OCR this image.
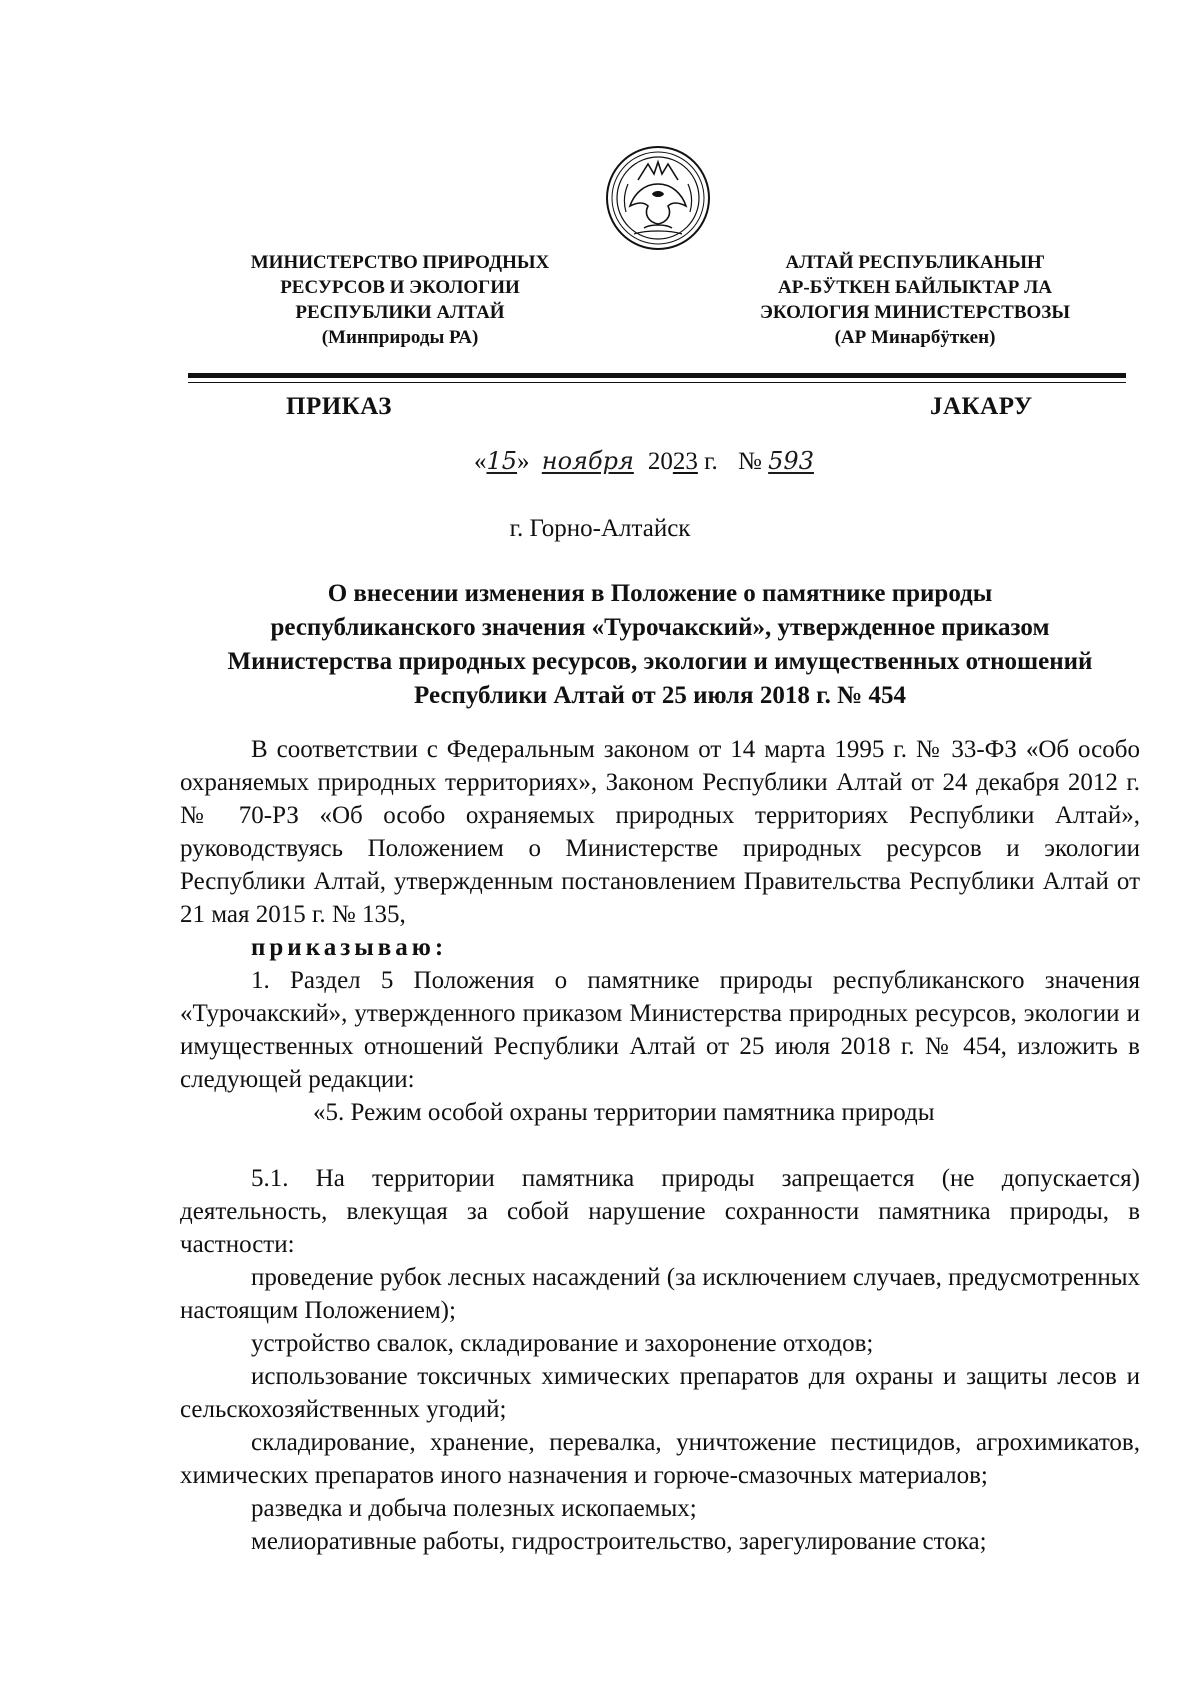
МИНИСТЕРСТВО ПРИРОДНЫХ
РЕСУРСОВ И ЭКОЛОГИИ
РЕСПУБЛИКИ АЛТАЙ
(Минприроды РА)
АЛТАЙ РЕСПУБЛИКАНЫҤ
АР-БӰТКЕН БАЙЛЫКТАР ЛА
ЭКОЛОГИЯ МИНИСТЕРСТВОЗЫ
(АР Минарбӱткен)
ПРИКАЗ	JАКАРУ
«15» ноября 2023 г. № 593
г. Горно-Алтайск
О внесении изменения в Положение о памятнике природы
республиканского значения «Турочакский», утвержденное приказом
Министерства природных ресурсов, экологии и имущественных отношений
Республики Алтай от 25 июля 2018 г. № 454

В соответствии с Федеральным законом от 14 марта 1995 г. № 33-ФЗ «Об особо охраняемых природных территориях», Законом Республики Алтай от 24 декабря 2012 г. № 70-РЗ «Об особо охраняемых природных территориях Республики Алтай», руководствуясь Положением о Министерстве природных ресурсов и экологии Республики Алтай, утвержденным постановлением Правительства Республики Алтай от 21 мая 2015 г. № 135,

приказываю:

1. Раздел 5 Положения о памятнике природы республиканского значения «Турочакский», утвержденного приказом Министерства природных ресурсов, экологии и имущественных отношений Республики Алтай от 25 июля 2018 г. № 454, изложить в следующей редакции:

«5. Режим особой охраны территории памятника природы

5.1. На территории памятника природы запрещается (не допускается) деятельность, влекущая за собой нарушение сохранности памятника природы, в частности:

проведение рубок лесных насаждений (за исключением случаев, предусмотренных настоящим Положением);

устройство свалок, складирование и захоронение отходов;

использование токсичных химических препаратов для охраны и защиты лесов и сельскохозяйственных угодий;

складирование, хранение, перевалка, уничтожение пестицидов, агрохимикатов, химических препаратов иного назначения и горюче-смазочных материалов;

разведка и добыча полезных ископаемых;

мелиоративные работы, гидростроительство, зарегулирование стока;
